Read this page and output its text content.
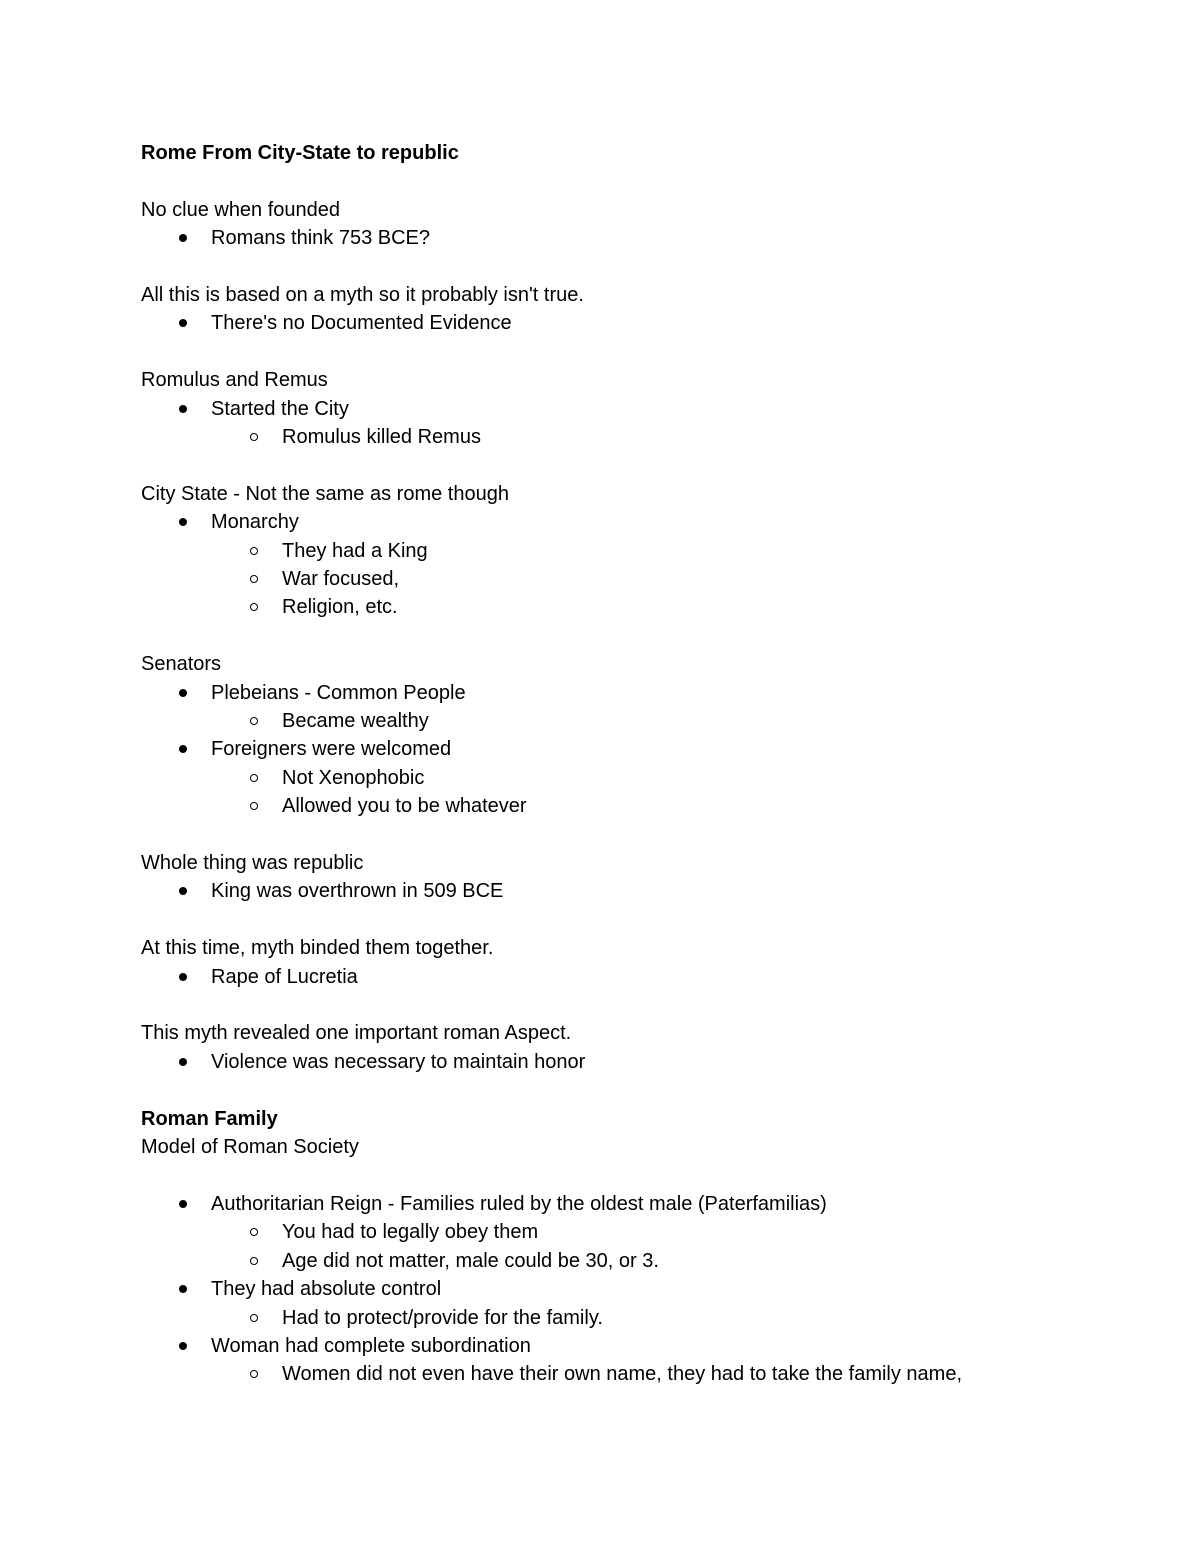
Rome From City-State to republic
No clue when founded
Romans think 753 BCE?
All this is based on a myth so it probably isn't true.
There's no Documented Evidence
Romulus and Remus
Started the City
Romulus killed Remus
City State - Not the same as rome though
Monarchy
They had a King
War focused,
Religion, etc.
Senators
Plebeians - Common People
Became wealthy
Foreigners were welcomed
Not Xenophobic
Allowed you to be whatever
Whole thing was republic
King was overthrown in 509 BCE
At this time, myth binded them together.
Rape of Lucretia
This myth revealed one important roman Aspect.
Violence was necessary to maintain honor
Roman Family
Model of Roman Society
Authoritarian Reign - Families ruled by the oldest male (Paterfamilias)
You had to legally obey them
Age did not matter, male could be 30, or 3.
They had absolute control
Had to protect/provide for the family.
Woman had complete subordination
Women did not even have their own name, they had to take the family name,
